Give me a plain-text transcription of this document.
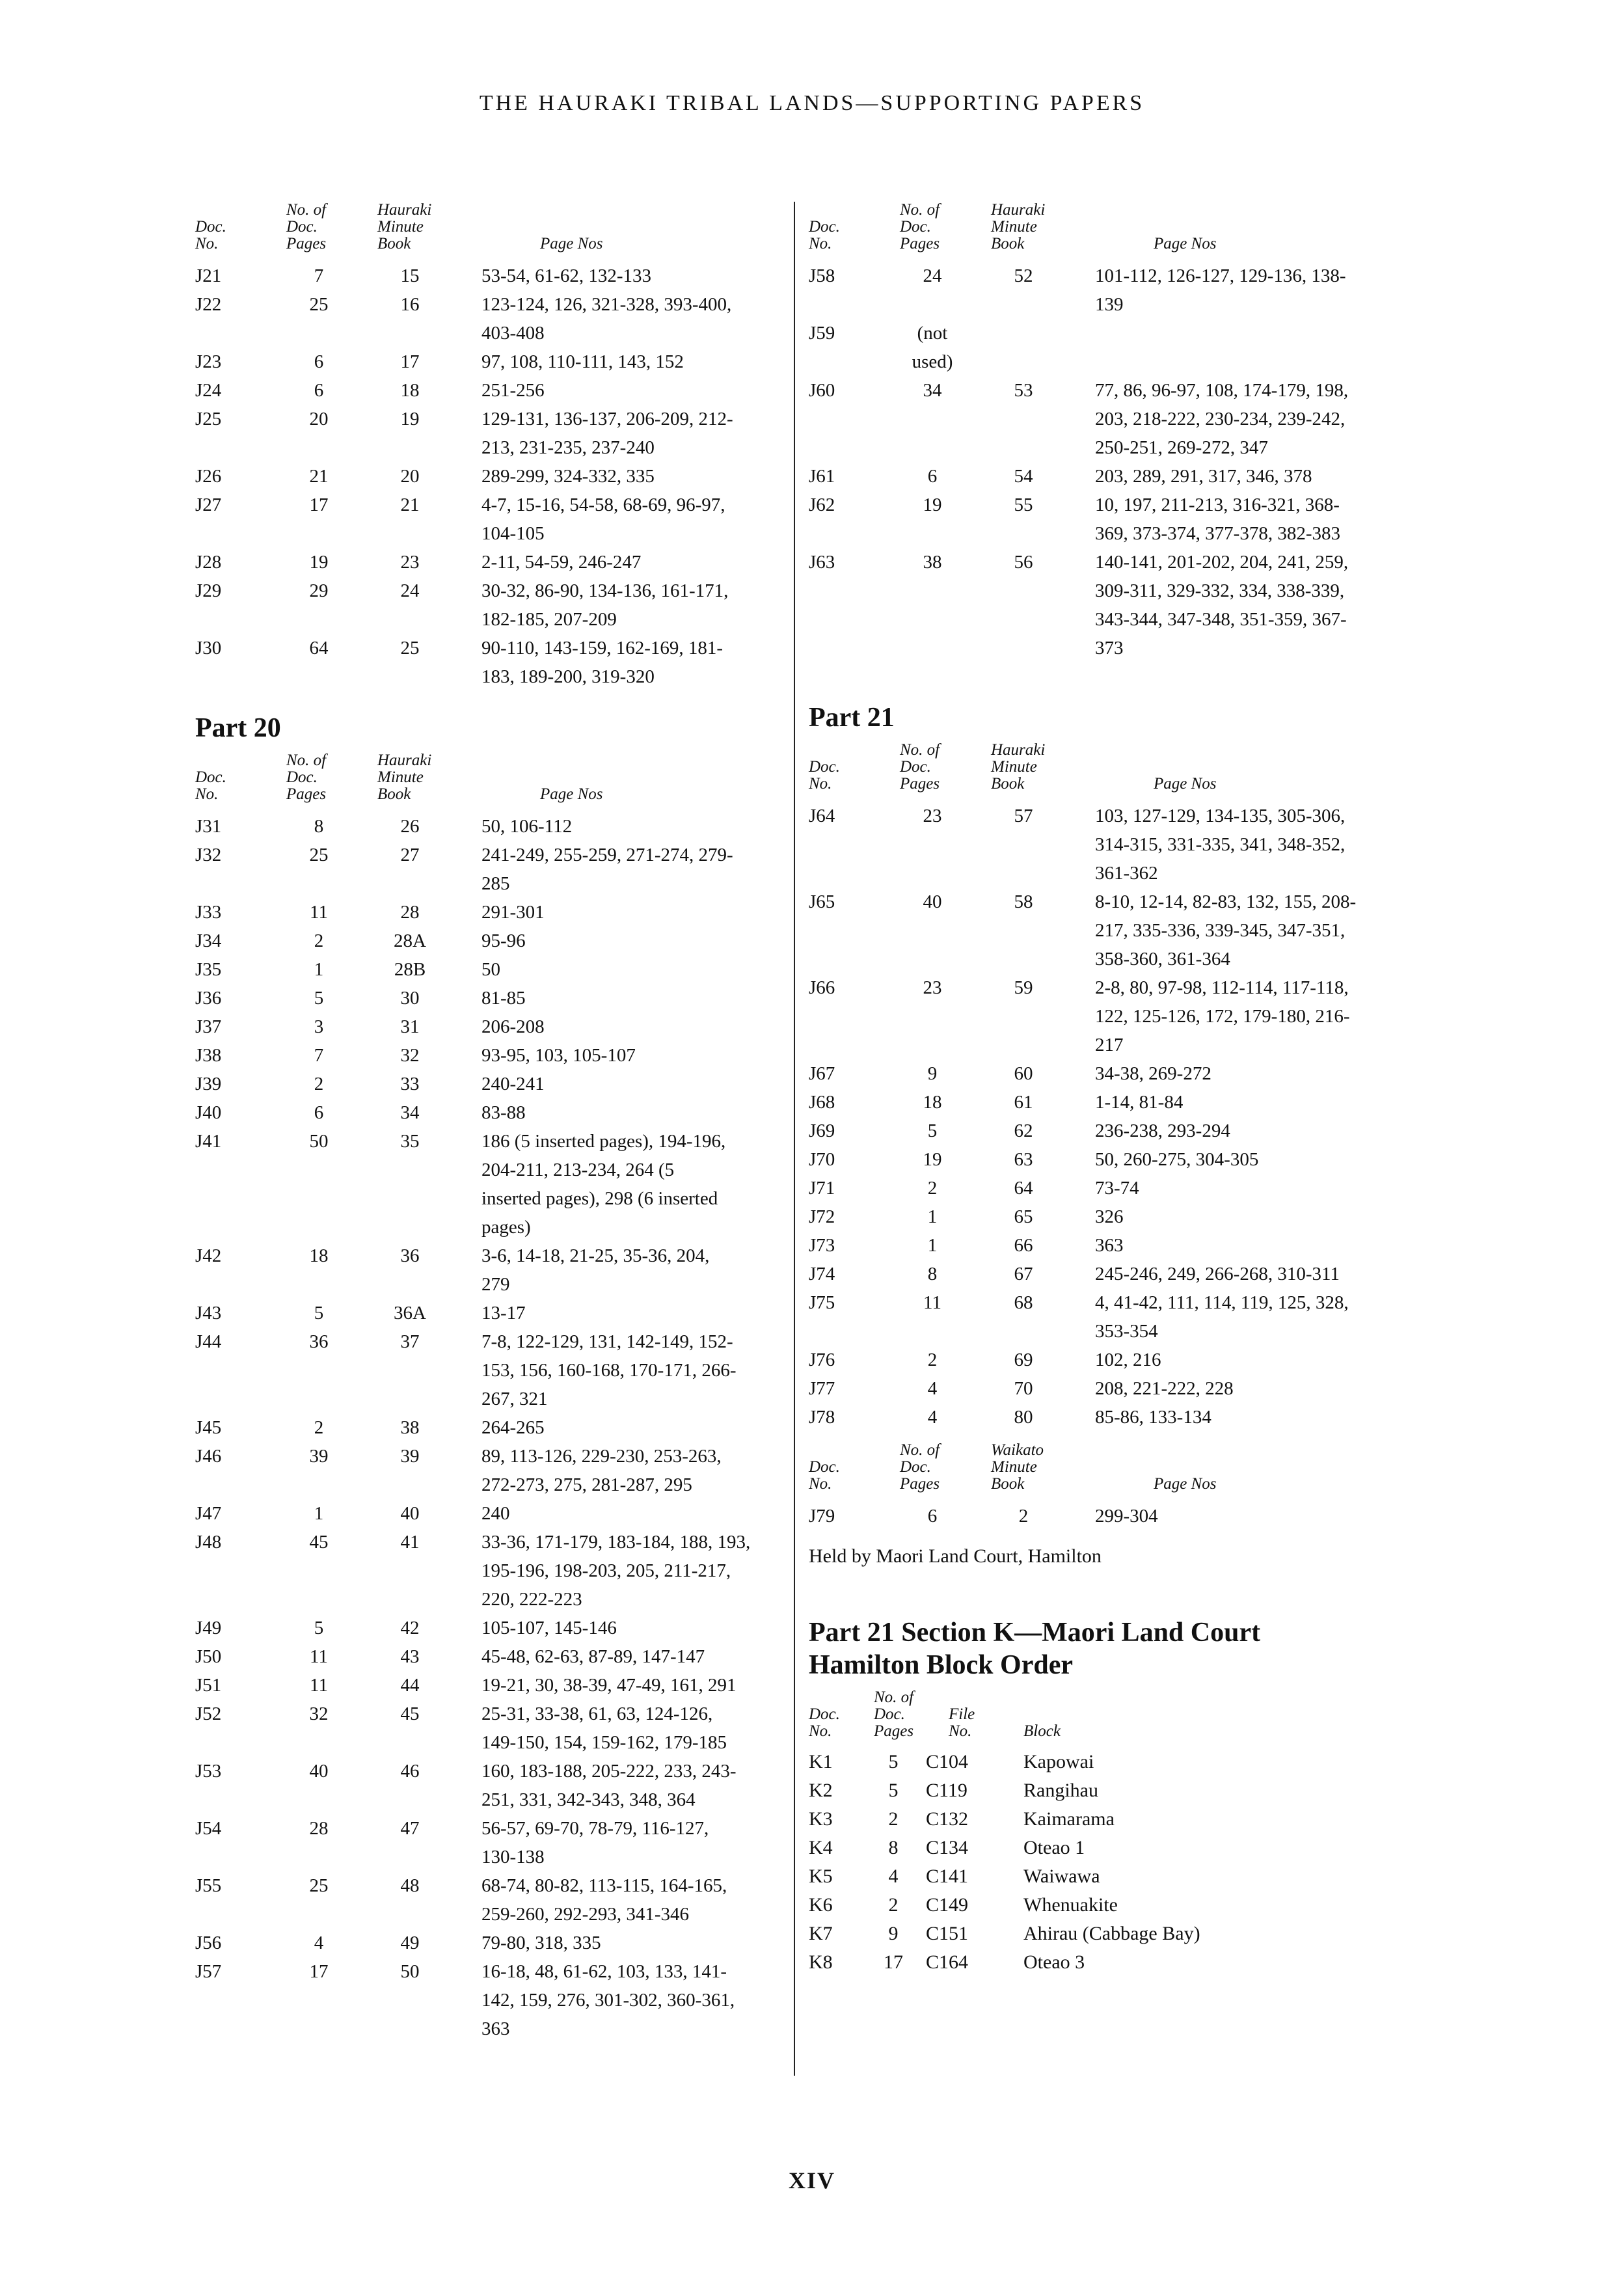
THE HAURAKI TRIBAL LANDS—SUPPORTING PAPERS
Doc.
No.
No. of
Doc.
Pages
Hauraki
Minute
Book	Page Nos
J21	7	15	53-54, 61-62, 132-133
J22	25	16	123-124, 126, 321-328, 393-400,
403-408
J23	6	17	97, 108, 110-111, 143, 152
J24	6	18	251-256
J25	20	19	129-131, 136-137, 206-209, 212-
213, 231-235, 237-240
J26	21	20	289-299, 324-332, 335
J27	17	21	4-7, 15-16, 54-58, 68-69, 96-97,
104-105
J28	19	23	2-11, 54-59, 246-247
J29	29	24	30-32, 86-90, 134-136, 161-171,
182-185, 207-209
J30	64	25	90-110, 143-159, 162-169, 181-
183, 189-200, 319-320
Part 20
Doc.
No.
No. of
Doc.
Pages
Hauraki
Minute
Book	Page Nos
J31	8	26	50, 106-112
J32	25	27	241-249, 255-259, 271-274, 279-
285
J33	11	28	291-301
J34	2	28A	95-96
J35	1	28B	50
J36	5	30	81-85
J37	3	31	206-208
J38	7	32	93-95, 103, 105-107
J39	2	33	240-241
J40	6	34	83-88
J41	50	35	186 (5 inserted pages), 194-196,
204-211, 213-234, 264 (5
inserted pages), 298 (6 inserted
pages)
J42	18	36	3-6, 14-18, 21-25, 35-36, 204,
279
J43	5	36A	13-17
J44	36	37	7-8, 122-129, 131, 142-149, 152-
153, 156, 160-168, 170-171, 266-
267, 321
J45	2	38	264-265
J46	39	39	89, 113-126, 229-230, 253-263,
272-273, 275, 281-287, 295
J47	1	40	240
J48	45	41	33-36, 171-179, 183-184, 188, 193,
195-196, 198-203, 205, 211-217,
220, 222-223
J49	5	42	105-107, 145-146
J50	11	43	45-48, 62-63, 87-89, 147-147
J51	11	44	19-21, 30, 38-39, 47-49, 161, 291
J52	32	45	25-31, 33-38, 61, 63, 124-126,
149-150, 154, 159-162, 179-185
J53	40	46	160, 183-188, 205-222, 233, 243-
251, 331, 342-343, 348, 364
J54	28	47	56-57, 69-70, 78-79, 116-127,
130-138
J55	25	48	68-74, 80-82, 113-115, 164-165,
259-260, 292-293, 341-346
J56	4	49	79-80, 318, 335
J57	17	50	16-18, 48, 61-62, 103, 133, 141-
142, 159, 276, 301-302, 360-361,
363
Doc.
No.
No. of
Doc.
Pages
Hauraki
Minute
Book	Page Nos
J58	24	52	101-112, 126-127, 129-136, 138-
139
J59	(not used)
J60	34	53	77, 86, 96-97, 108, 174-179, 198,
203, 218-222, 230-234, 239-242,
250-251, 269-272, 347
J61	6	54	203, 289, 291, 317, 346, 378
J62	19	55	10, 197, 211-213, 316-321, 368-
369, 373-374, 377-378, 382-383
J63	38	56	140-141, 201-202, 204, 241, 259,
309-311, 329-332, 334, 338-339,
343-344, 347-348, 351-359, 367-
373
Part 21
Doc.
No.
No. of
Doc.
Pages
Hauraki
Minute
Book	Page Nos
J64	23	57	103, 127-129, 134-135, 305-306,
314-315, 331-335, 341, 348-352,
361-362
J65	40	58	8-10, 12-14, 82-83, 132, 155, 208-
217, 335-336, 339-345, 347-351,
358-360, 361-364
J66	23	59	2-8, 80, 97-98, 112-114, 117-118,
122, 125-126, 172, 179-180, 216-
217
J67	9	60	34-38, 269-272
J68	18	61	1-14, 81-84
J69	5	62	236-238, 293-294
J70	19	63	50, 260-275, 304-305
J71	2	64	73-74
J72	1	65	326
J73	1	66	363
J74	8	67	245-246, 249, 266-268, 310-311
J75	11	68	4, 41-42, 111, 114, 119, 125, 328,
353-354
J76	2	69	102, 216
J77	4	70	208, 221-222, 228
J78	4	80	85-86, 133-134
Doc.
No.
No. of
Doc.
Pages
Waikato
Minute
Book	Page Nos
J79	6	2	299-304
Held by Maori Land Court, Hamilton
Part 21 Section K—Maori Land Court
Hamilton Block Order
Doc.
No.
No. of
Doc.
Pages
File
No.	Block
K1	5	C104	Kapowai
K2	5	C119	Rangihau
K3	2	C132	Kaimarama
K4	8	C134	Oteao 1
K5	4	C141	Waiwawa
K6	2	C149	Whenuakite
K7	9	C151	Ahirau (Cabbage Bay)
K8	17	C164	Oteao 3
XIV
